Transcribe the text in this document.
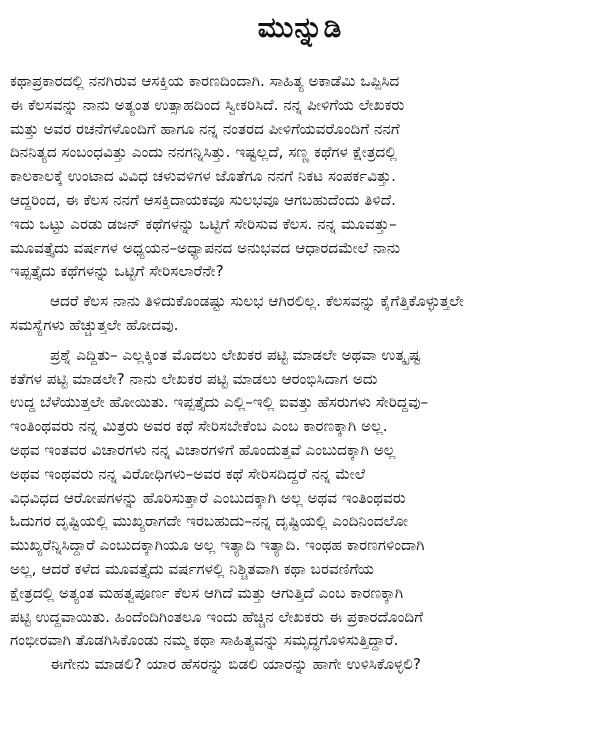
ಮುನ್ನುಡಿ
ಕಥಾಪ್ರಕಾರದಲ್ಲಿ ನನಗಿರುವ ಆಸಕ್ತಿಯ ಕಾರಣದಿಂದಾಗಿ. ಸಾಹಿತ್ಯ ಅಕಾಡೆಮಿ ಒಪ್ಪಿಸಿದ
ಈ ಕೆಲಸವನ್ನು ನಾನು ಅತ್ಯಂತ ಉತ್ಸಾಹದಿಂದ ಸ್ವೀಕರಿಸಿದೆ. ನನ್ನ ಪೀಳಿಗೆಯ ಲೇಖಕರು
ಮತ್ತು ಅವರ ರಚನೆಗಳೊಂದಿಗೆ ಹಾಗೂ ನನ್ನ ನಂತರದ ಪೀಳಿಗೆಯವರೊಂದಿಗೆ ನನಗೆ
ದಿನನಿತ್ಯದ ಸಂಬಂಧವಿತ್ತು ಎಂದು ನನಗನ್ನಿಸಿತ್ತು. ಇಷ್ಟಲ್ಲದೆ, ಸಣ್ಣ ಕಥೆಗಳ ಕ್ಷೇತ್ರದಲ್ಲಿ
ಕಾಲಕಾಲಕ್ಕೆ ಉಂಟಾದ ವಿವಿಧ ಚಳುವಳಿಗಳ ಜೊತೆಗೂ ನನಗೆ ನಿಕಟ ಸಂಪರ್ಕವಿತ್ತು.
ಆದ್ದರಿಂದ, ಈ ಕೆಲಸ ನನಗೆ ಆಸಕ್ತಿದಾಯಕವೂ ಸುಲಭವೂ ಆಗಬಹುದೆಂದು ತಿಳಿದೆ.
ಇದು ಒಟ್ಟು ಎರಡು ಡಜನ್ ಕಥೆಗಳನ್ನು ಒಟ್ಟಿಗೆ ಸೇರಿಸುವ ಕೆಲಸ. ನನ್ನ ಮೂವತ್ತು–
ಮೂವತ್ತೈದು ವರ್ಷಗಳ ಅಧ್ಯಯನ–ಅಧ್ಯಾಪನದ ಅನುಭವದ ಆಧಾರದಮೇಲೆ ನಾನು
ಇಪ್ಪತ್ತೈದು ಕಥೆಗಳನ್ನು ಒಟ್ಟಿಗೆ ಸೇರಿಸಲಾರೆನೇ?
ಆದರೆ ಕೆಲಸ ನಾನು ತಿಳಿದುಕೊಂಡಷ್ಟು ಸುಲಭ ಆಗಿರಲಿಲ್ಲ. ಕೆಲಸವನ್ನು ಕೈಗೆತ್ತಿಕೊಳ್ಳುತ್ತಲೇ
ಸಮಸ್ಯೆಗಳು ಹೆಚ್ಚುತ್ತಲೇ ಹೋದವು.
ಪ್ರಶ್ನೆ ಎದ್ದಿತು– ಎಲ್ಲಕ್ಕಿಂತ ಮೊದಲು ಲೇಖಕರ ಪಟ್ಟಿ ಮಾಡಲೇ ಅಥವಾ ಉತ್ಕೃಷ್ಟ
ಕತೆಗಳ ಪಟ್ಟಿ ಮಾಡಲೇ? ನಾನು ಲೇಖಕರ ಪಟ್ಟಿ ಮಾಡಲು ಆರಂಭಿಸಿದಾಗ ಅದು
ಉದ್ದ ಬೆಳೆಯುತ್ತಲೇ ಹೋಯಿತು. ಇಪ್ಪತ್ತೈದು ಎಲ್ಲಿ–ಇಲ್ಲಿ ಐವತ್ತು ಹೆಸರುಗಳು ಸೇರಿದ್ದವು–
ಇಂತಿಂಥವರು ನನ್ನ ಮಿತ್ರರು ಅವರ ಕಥೆ ಸೇರಿಸಬೇಕೆಂಬ ಎಂಬ ಕಾರಣಕ್ಕಾಗಿ ಅಲ್ಲ.
ಅಥವ ಇಂತವರ ವಿಚಾರಗಳು ನನ್ನ ವಿಚಾರಗಳಿಗೆ ಹೊಂದುತ್ತವೆ ಎಂಬುದಕ್ಕಾಗಿ ಅಲ್ಲ
ಅಥವ ಇಂಥವರು ನನ್ನ ವಿರೋಧಿಗಳು–ಅವರ ಕಥೆ ಸೇರಿಸದಿದ್ದರೆ ನನ್ನ ಮೇಲೆ
ವಿಧವಿಧದ ಆರೋಪಗಳನ್ನು ಹೊರಿಸುತ್ತಾರೆ ಎಂಬುದಕ್ಕಾಗಿ ಅಲ್ಲ ಅಥವ ಇಂತಿಂಥವರು
ಓದುಗರ ದೃಷ್ಟಿಯಲ್ಲಿ ಮುಖ್ಯರಾಗದೇ ಇರಬಹುದು–ನನ್ನ ದೃಷ್ಟಿಯಲ್ಲಿ ಎಂದಿನಿಂದಲೋ
ಮುಖ್ಯರೆನ್ನಿಸಿದ್ದಾರೆ ಎಂಬುದಕ್ಕಾಗಿಯೂ ಅಲ್ಲ ಇತ್ಯಾದಿ ಇತ್ಯಾದಿ. ಇಂಥಹ ಕಾರಣಗಳಿಂದಾಗಿ
ಅಲ್ಲ, ಆದರೆ ಕಳೆದ ಮೂವತ್ತೈದು ವರ್ಷಗಳಲ್ಲಿ ನಿಶ್ಚಿತವಾಗಿ ಕಥಾ ಬರವಣಿಗೆಯ
ಕ್ಷೇತ್ರದಲ್ಲಿ ಅತ್ಯಂತ ಮಹತ್ವಪೂರ್ಣ ಕೆಲಸ ಆಗಿದೆ ಮತ್ತು ಆಗುತ್ತಿದೆ ಎಂಬ ಕಾರಣಕ್ಕಾಗಿ
ಪಟ್ಟಿ ಉದ್ದವಾಯಿತು. ಹಿಂದೆಂದಿಗಿಂತಲೂ ಇಂದು ಹೆಚ್ಚಿನ ಲೇಖಕರು ಈ ಪ್ರಕಾರದೊಂದಿಗೆ
ಗಂಭೀರವಾಗಿ ತೊಡಗಿಸಿಕೊಂಡು ನಮ್ಮ ಕಥಾ ಸಾಹಿತ್ಯವನ್ನು ಸಮೃದ್ಧಗೊಳಿಸುತ್ತಿದ್ದಾರೆ.
ಈಗೇನು ಮಾಡಲಿ? ಯಾರ ಹೆಸರನ್ನು ಬಿಡಲಿ ಯಾರನ್ನು ಹಾಗೇ ಉಳಿಸಿಕೊಳ್ಳಲಿ?
